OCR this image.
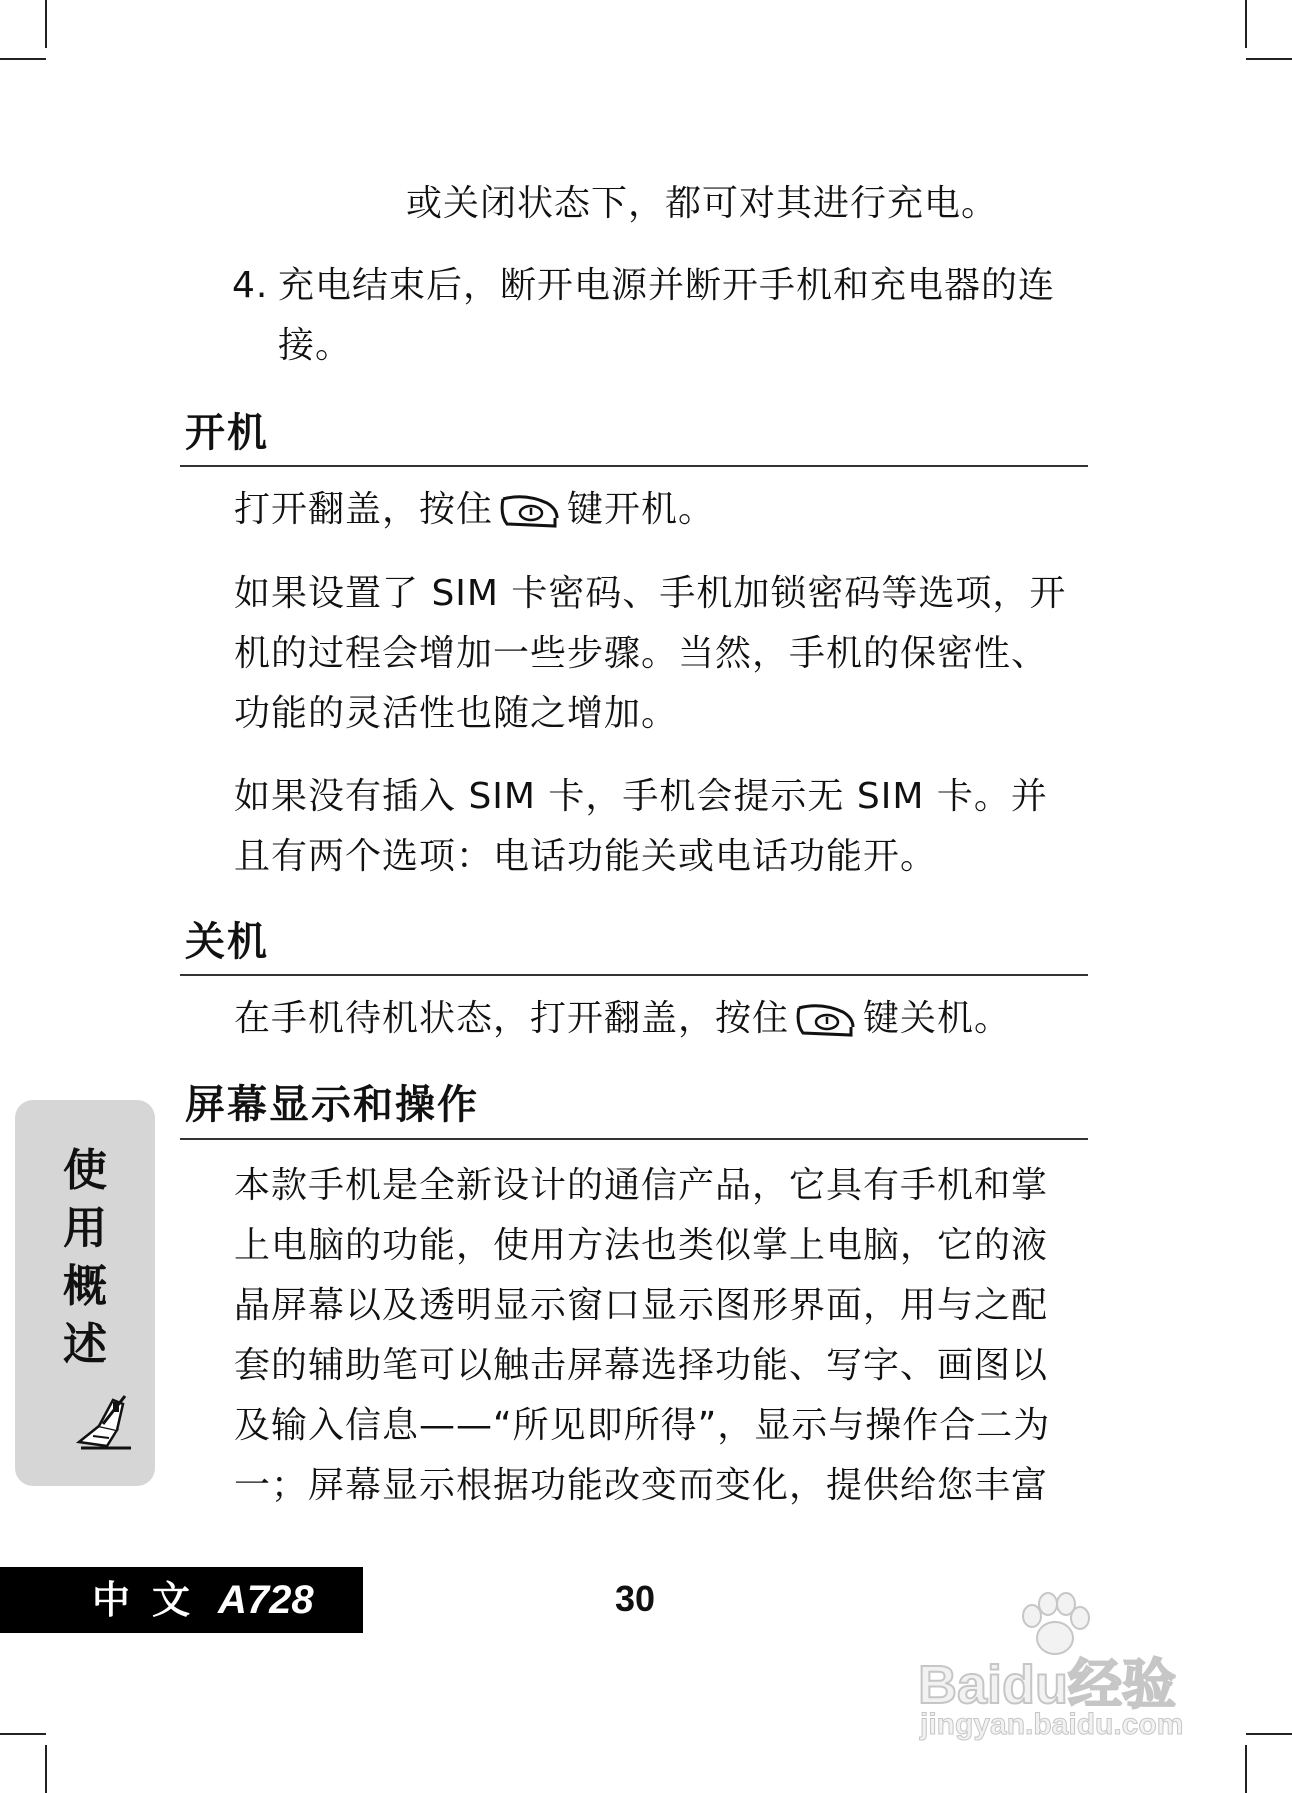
或关闭状态下，都可对其进行充电。

4. 充电结束后，断开电源并断开手机和充电器的连接。
开机

打开翻盖，按住 键开机。

如果设置了 SIM 卡密码、手机加锁密码等选项，开机的过程会增加一些步骤。当然，手机的保密性、功能的灵活性也随之增加。

如果没有插入 SIM 卡，手机会提示无 SIM 卡。并且有两个选项：电话功能关或电话功能开。

关机

在手机待机状态，打开翻盖，按住 键关机。

屏幕显示和操作

本款手机是全新设计的通信产品，它具有手机和掌上电脑的功能，使用方法也类似掌上电脑，它的液晶屏幕以及透明显示窗口显示图形界面，用与之配套的辅助笔可以触击屏幕选择功能、写字、画图以及输入信息——“所见即所得”，显示与操作合二为一；屏幕显示根据功能改变而变化，提供给您丰富

使
用
概
述
中文 A728	30
Baidu经验
jingyan.baidu.com
